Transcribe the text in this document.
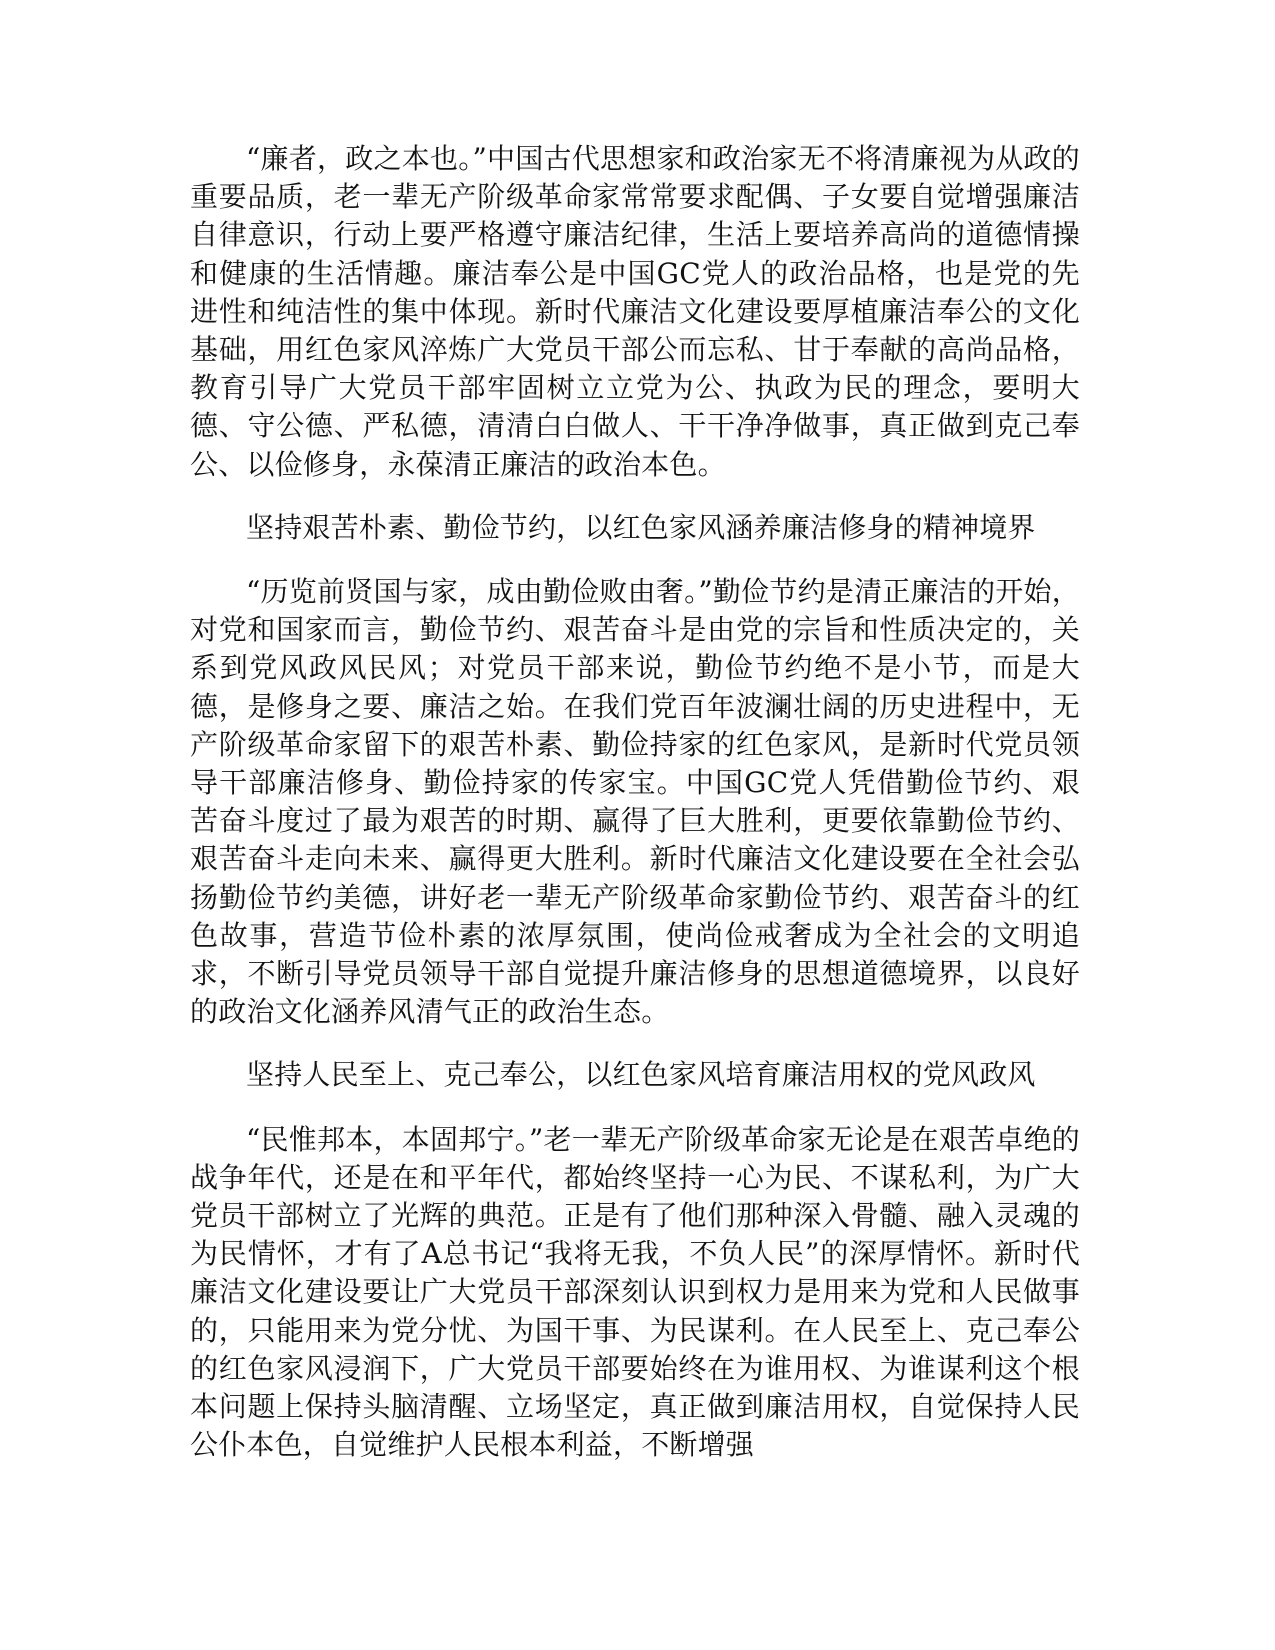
“廉者，政之本也。”中国古代思想家和政治家无不将清廉视为从政的重要品质，老一辈无产阶级革命家常常要求配偶、子女要自觉增强廉洁自律意识，行动上要严格遵守廉洁纪律，生活上要培养高尚的道德情操和健康的生活情趣。廉洁奉公是中国GC党人的政治品格，也是党的先进性和纯洁性的集中体现。新时代廉洁文化建设要厚植廉洁奉公的文化基础，用红色家风淬炼广大党员干部公而忘私、甘于奉献的高尚品格，教育引导广大党员干部牢固树立立党为公、执政为民的理念，要明大德、守公德、严私德，清清白白做人、干干净净做事，真正做到克己奉公、以俭修身，永葆清正廉洁的政治本色。

坚持艰苦朴素、勤俭节约，以红色家风涵养廉洁修身的精神境界

“历览前贤国与家，成由勤俭败由奢。”勤俭节约是清正廉洁的开始，对党和国家而言，勤俭节约、艰苦奋斗是由党的宗旨和性质决定的，关系到党风政风民风；对党员干部来说，勤俭节约绝不是小节，而是大德，是修身之要、廉洁之始。在我们党百年波澜壮阔的历史进程中，无产阶级革命家留下的艰苦朴素、勤俭持家的红色家风，是新时代党员领导干部廉洁修身、勤俭持家的传家宝。中国GC党人凭借勤俭节约、艰苦奋斗度过了最为艰苦的时期、赢得了巨大胜利，更要依靠勤俭节约、艰苦奋斗走向未来、赢得更大胜利。新时代廉洁文化建设要在全社会弘扬勤俭节约美德，讲好老一辈无产阶级革命家勤俭节约、艰苦奋斗的红色故事，营造节俭朴素的浓厚氛围，使尚俭戒奢成为全社会的文明追求，不断引导党员领导干部自觉提升廉洁修身的思想道德境界，以良好的政治文化涵养风清气正的政治生态。

坚持人民至上、克己奉公，以红色家风培育廉洁用权的党风政风

“民惟邦本，本固邦宁。”老一辈无产阶级革命家无论是在艰苦卓绝的战争年代，还是在和平年代，都始终坚持一心为民、不谋私利，为广大党员干部树立了光辉的典范。正是有了他们那种深入骨髓、融入灵魂的为民情怀，才有了A总书记“我将无我，不负人民”的深厚情怀。新时代廉洁文化建设要让广大党员干部深刻认识到权力是用来为党和人民做事的，只能用来为党分忧、为国干事、为民谋利。在人民至上、克己奉公的红色家风浸润下，广大党员干部要始终在为谁用权、为谁谋利这个根本问题上保持头脑清醒、立场坚定，真正做到廉洁用权，自觉保持人民公仆本色，自觉维护人民根本利益，不断增强
